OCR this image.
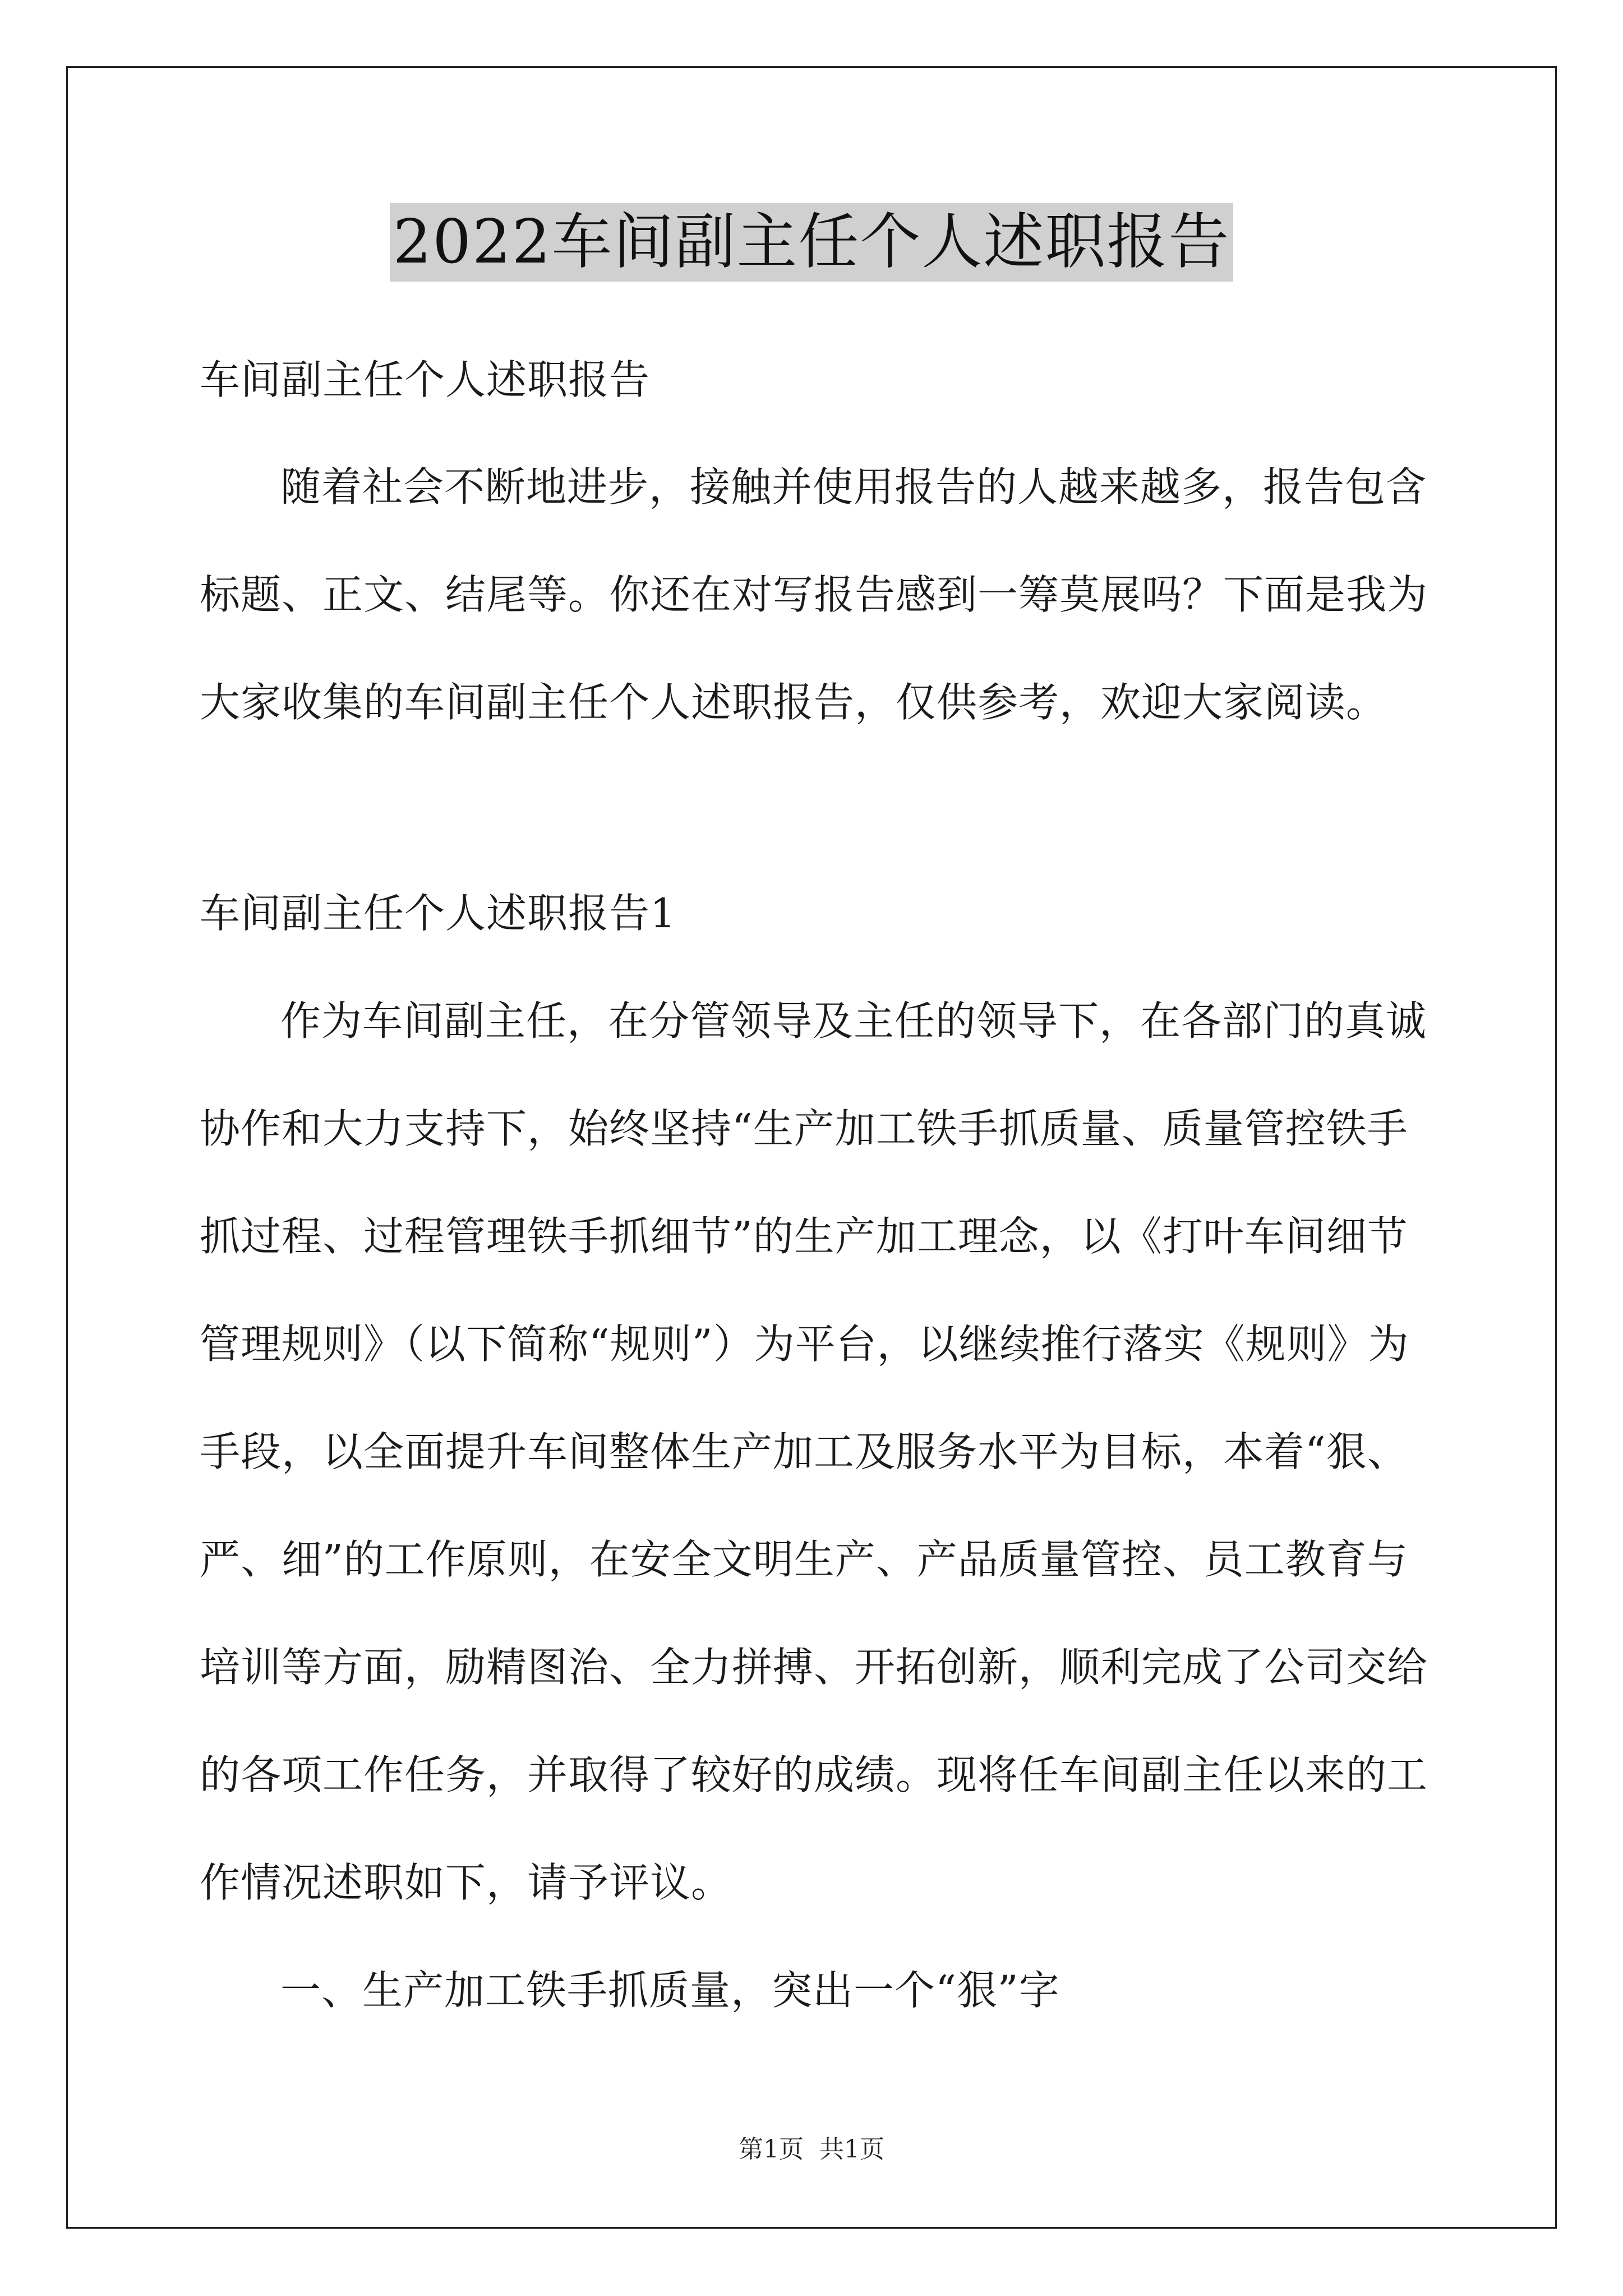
2022车间副主任个人述职报告
车间副主任个人述职报告
随着社会不断地进步，接触并使用报告的人越来越多，报告包含
标题、正文、结尾等。你还在对写报告感到一筹莫展吗？下面是我为
大家收集的车间副主任个人述职报告，仅供参考，欢迎大家阅读。
车间副主任个人述职报告1
作为车间副主任，在分管领导及主任的领导下，在各部门的真诚
协作和大力支持下，始终坚持“生产加工铁手抓质量、质量管控铁手
抓过程、过程管理铁手抓细节”的生产加工理念，以《打叶车间细节
管理规则》（以下简称“规则”）为平台，以继续推行落实《规则》为
手段，以全面提升车间整体生产加工及服务水平为目标，本着“狠、
严、细”的工作原则，在安全文明生产、产品质量管控、员工教育与
培训等方面，励精图治、全力拼搏、开拓创新，顺利完成了公司交给
的各项工作任务，并取得了较好的成绩。现将任车间副主任以来的工
作情况述职如下，请予评议。
一、生产加工铁手抓质量，突出一个“狠”字
第1页 共1页
